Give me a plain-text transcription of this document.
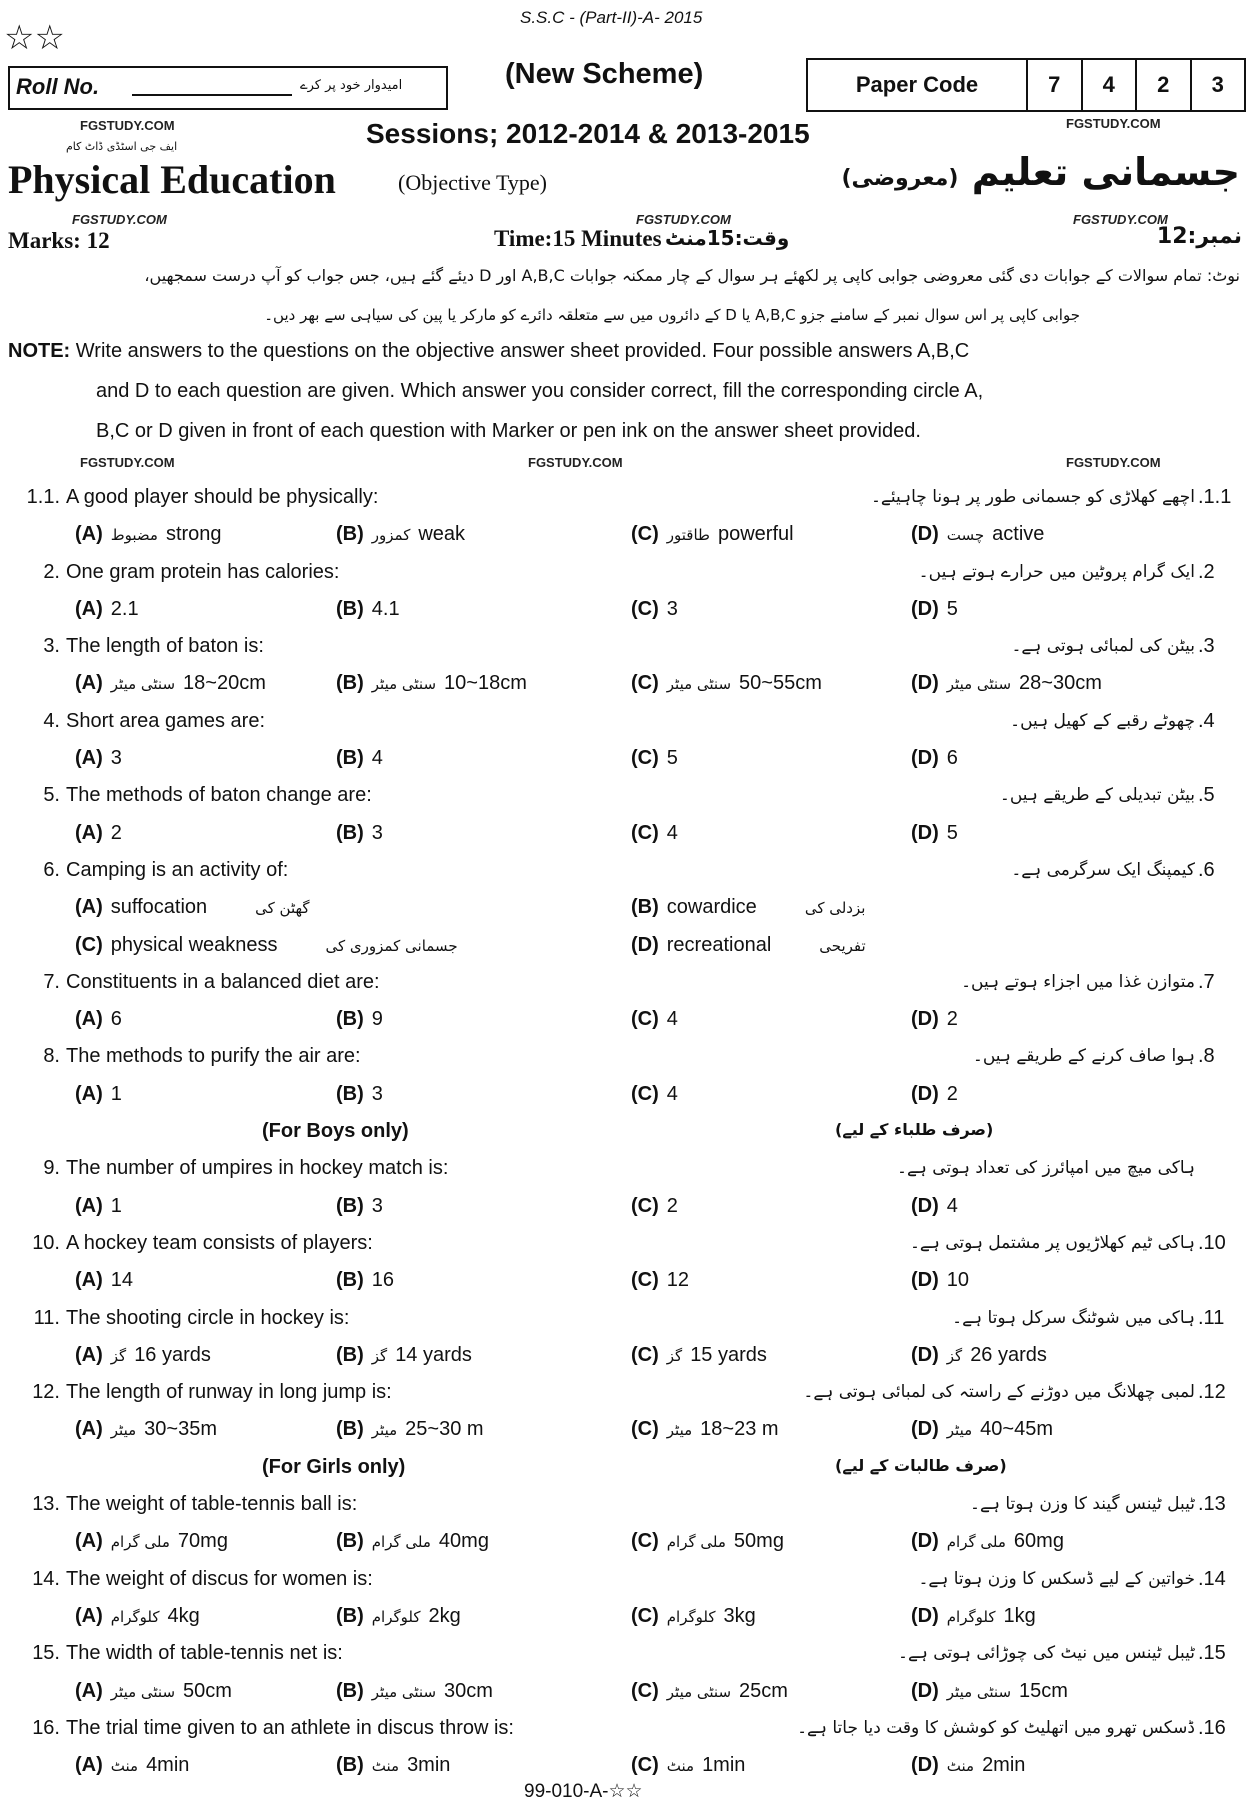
S.S.C - (Part-II)-A- 2015
☆☆
Roll No.	امیدوار خود پر کرے	(New Scheme)	Paper Code	7	4	2	3
FGSTUDY.COM	FGSTUDY.COM
Sessions; 2012-2014 & 2013-2015
ایف جی اسٹڈی ڈاٹ کام
Physical Education	(Objective Type)	جسمانی تعلیم (معروضی)
FGSTUDY.COM	FGSTUDY.COM	FGSTUDY.COM
Marks: 12	Time:15 Minutes وقت:15منٹ	نمبر:12
نوٹ: تمام سوالات کے جوابات دی گئی معروضی جوابی کاپی پر لکھئے ہر سوال کے چار ممکنہ جوابات A,B,C اور D دیئے گئے ہیں، جس جواب کو آپ درست سمجھیں،
جوابی کاپی پر اس سوال نمبر کے سامنے جزو A,B,C یا D کے دائروں میں سے متعلقہ دائرے کو مارکر یا پین کی سیاہی سے بھر دیں۔
NOTE: Write answers to the questions on the objective answer sheet provided. Four possible answers A,B,C
and D to each question are given. Which answer you consider correct, fill the corresponding circle A,
B,C or D given in front of each question with Marker or pen ink on the answer sheet provided.
FGSTUDY.COM	FGSTUDY.COM	FGSTUDY.COM
1.1. A good player should be physically:	اچھے کھلاڑی کو جسمانی طور پر ہونا چاہیئے۔ .1.1
(A) مضبوط strong	(B) کمزور weak	(C) طاقتور powerful	(D) چست active
2. One gram protein has calories:	ایک گرام پروٹین میں حرارے ہوتے ہیں۔ .2
(A) 2.1	(B) 4.1	(C) 3	(D) 5
3. The length of baton is:	بیٹن کی لمبائی ہوتی ہے۔ .3
(A) سنٹی میٹر 18~20cm	(B) سنٹی میٹر 10~18cm	(C) سنٹی میٹر 50~55cm	(D) سنٹی میٹر 28~30cm
4. Short area games are:	چھوٹے رقبے کے کھیل ہیں۔ .4
(A) 3	(B) 4	(C) 5	(D) 6
5. The methods of baton change are:	بیٹن تبدیلی کے طریقے ہیں۔ .5
(A) 2	(B) 3	(C) 4	(D) 5
6. Camping is an activity of:	کیمپنگ ایک سرگرمی ہے۔ .6
(A) suffocation	گھٹن کی	(B) cowardice	بزدلی کی
(C) physical weakness	جسمانی کمزوری کی	(D) recreational	تفریحی
7. Constituents in a balanced diet are:	متوازن غذا میں اجزاء ہوتے ہیں۔ .7
(A) 6	(B) 9	(C) 4	(D) 2
8. The methods to purify the air are:	ہوا صاف کرنے کے طریقے ہیں۔ .8
(A) 1	(B) 3	(C) 4	(D) 2
(For Boys only)	(صرف طلباء کے لیے)
9. The number of umpires in hockey match is:	ہاکی میچ میں امپائرز کی تعداد ہوتی ہے۔
(A) 1	(B) 3	(C) 2	(D) 4
10. A hockey team consists of players:	ہاکی ٹیم کھلاڑیوں پر مشتمل ہوتی ہے۔ .10
(A) 14	(B) 16	(C) 12	(D) 10
11. The shooting circle in hockey is:	ہاکی میں شوٹنگ سرکل ہوتا ہے۔ .11
(A) گز 16 yards	(B) گز 14 yards	(C) گز 15 yards	(D) گز 26 yards
12. The length of runway in long jump is:	لمبی چھلانگ میں دوڑنے کے راستہ کی لمبائی ہوتی ہے۔ .12
(A) میٹر 30~35m	(B) میٹر 25~30 m	(C) میٹر 18~23 m	(D) میٹر 40~45m
(For Girls only)	(صرف طالبات کے لیے)
13. The weight of table-tennis ball is:	ٹیبل ٹینس گیند کا وزن ہوتا ہے۔ .13
(A) ملی گرام 70mg	(B) ملی گرام 40mg	(C) ملی گرام 50mg	(D) ملی گرام 60mg
14. The weight of discus for women is:	خواتین کے لیے ڈسکس کا وزن ہوتا ہے۔ .14
(A) کلوگرام 4kg	(B) کلوگرام 2kg	(C) کلوگرام 3kg	(D) کلوگرام 1kg
15. The width of table-tennis net is:	ٹیبل ٹینس میں نیٹ کی چوڑائی ہوتی ہے۔ .15
(A) سنٹی میٹر 50cm	(B) سنٹی میٹر 30cm	(C) سنٹی میٹر 25cm	(D) سنٹی میٹر 15cm
16. The trial time given to an athlete in discus throw is:	ڈسکس تھرو میں اتھلیٹ کو کوشش کا وقت دیا جاتا ہے۔ .16
(A) منٹ 4min	(B) منٹ 3min	(C) منٹ 1min	(D) منٹ 2min
99-010-A-☆☆
